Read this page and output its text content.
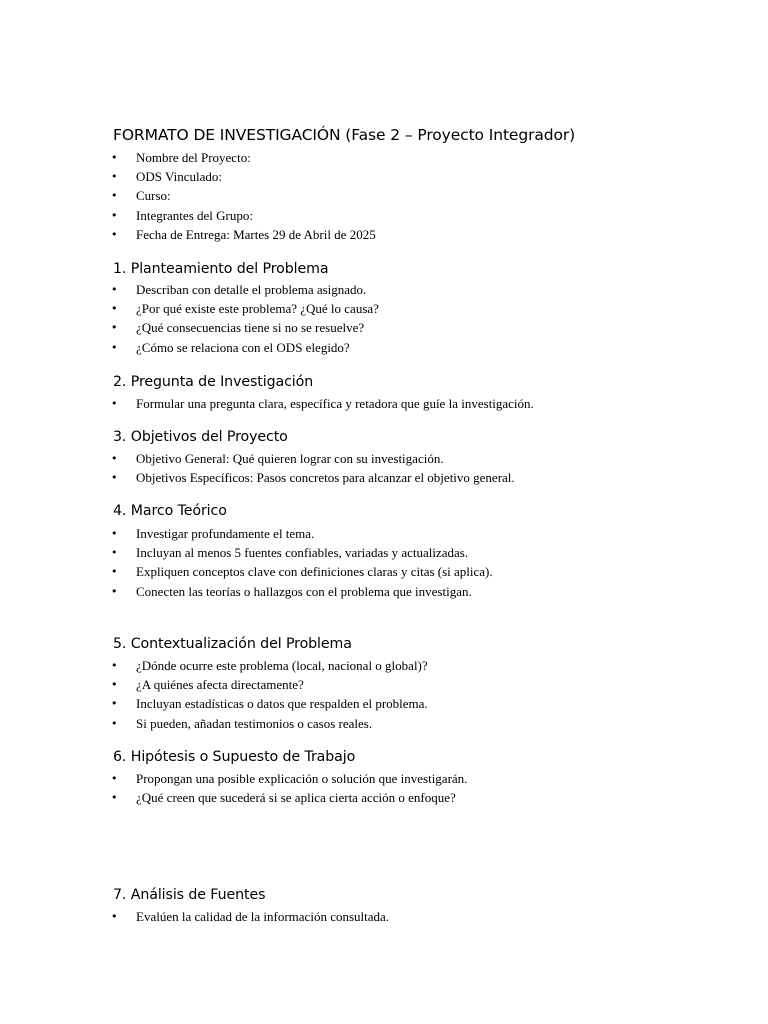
FORMATO DE INVESTIGACIÓN (Fase 2 – Proyecto Integrador)
• Nombre del Proyecto:
• ODS Vinculado:
• Curso:
• Integrantes del Grupo:
• Fecha de Entrega: Martes 29 de Abril de 2025
1. Planteamiento del Problema
• Describan con detalle el problema asignado.
• ¿Por qué existe este problema? ¿Qué lo causa?
• ¿Qué consecuencias tiene si no se resuelve?
• ¿Cómo se relaciona con el ODS elegido?
2. Pregunta de Investigación
• Formular una pregunta clara, específica y retadora que guíe la investigación.
3. Objetivos del Proyecto
• Objetivo General: Qué quieren lograr con su investigación.
• Objetivos Específicos: Pasos concretos para alcanzar el objetivo general.
4. Marco Teórico
• Investigar profundamente el tema.
• Incluyan al menos 5 fuentes confiables, variadas y actualizadas.
• Expliquen conceptos clave con definiciones claras y citas (si aplica).
• Conecten las teorías o hallazgos con el problema que investigan.
5. Contextualización del Problema
• ¿Dónde ocurre este problema (local, nacional o global)?
• ¿A quiénes afecta directamente?
• Incluyan estadísticas o datos que respalden el problema.
• Si pueden, añadan testimonios o casos reales.
6. Hipótesis o Supuesto de Trabajo
• Propongan una posible explicación o solución que investigarán.
• ¿Qué creen que sucederá si se aplica cierta acción o enfoque?
7. Análisis de Fuentes
• Evalúen la calidad de la información consultada.
